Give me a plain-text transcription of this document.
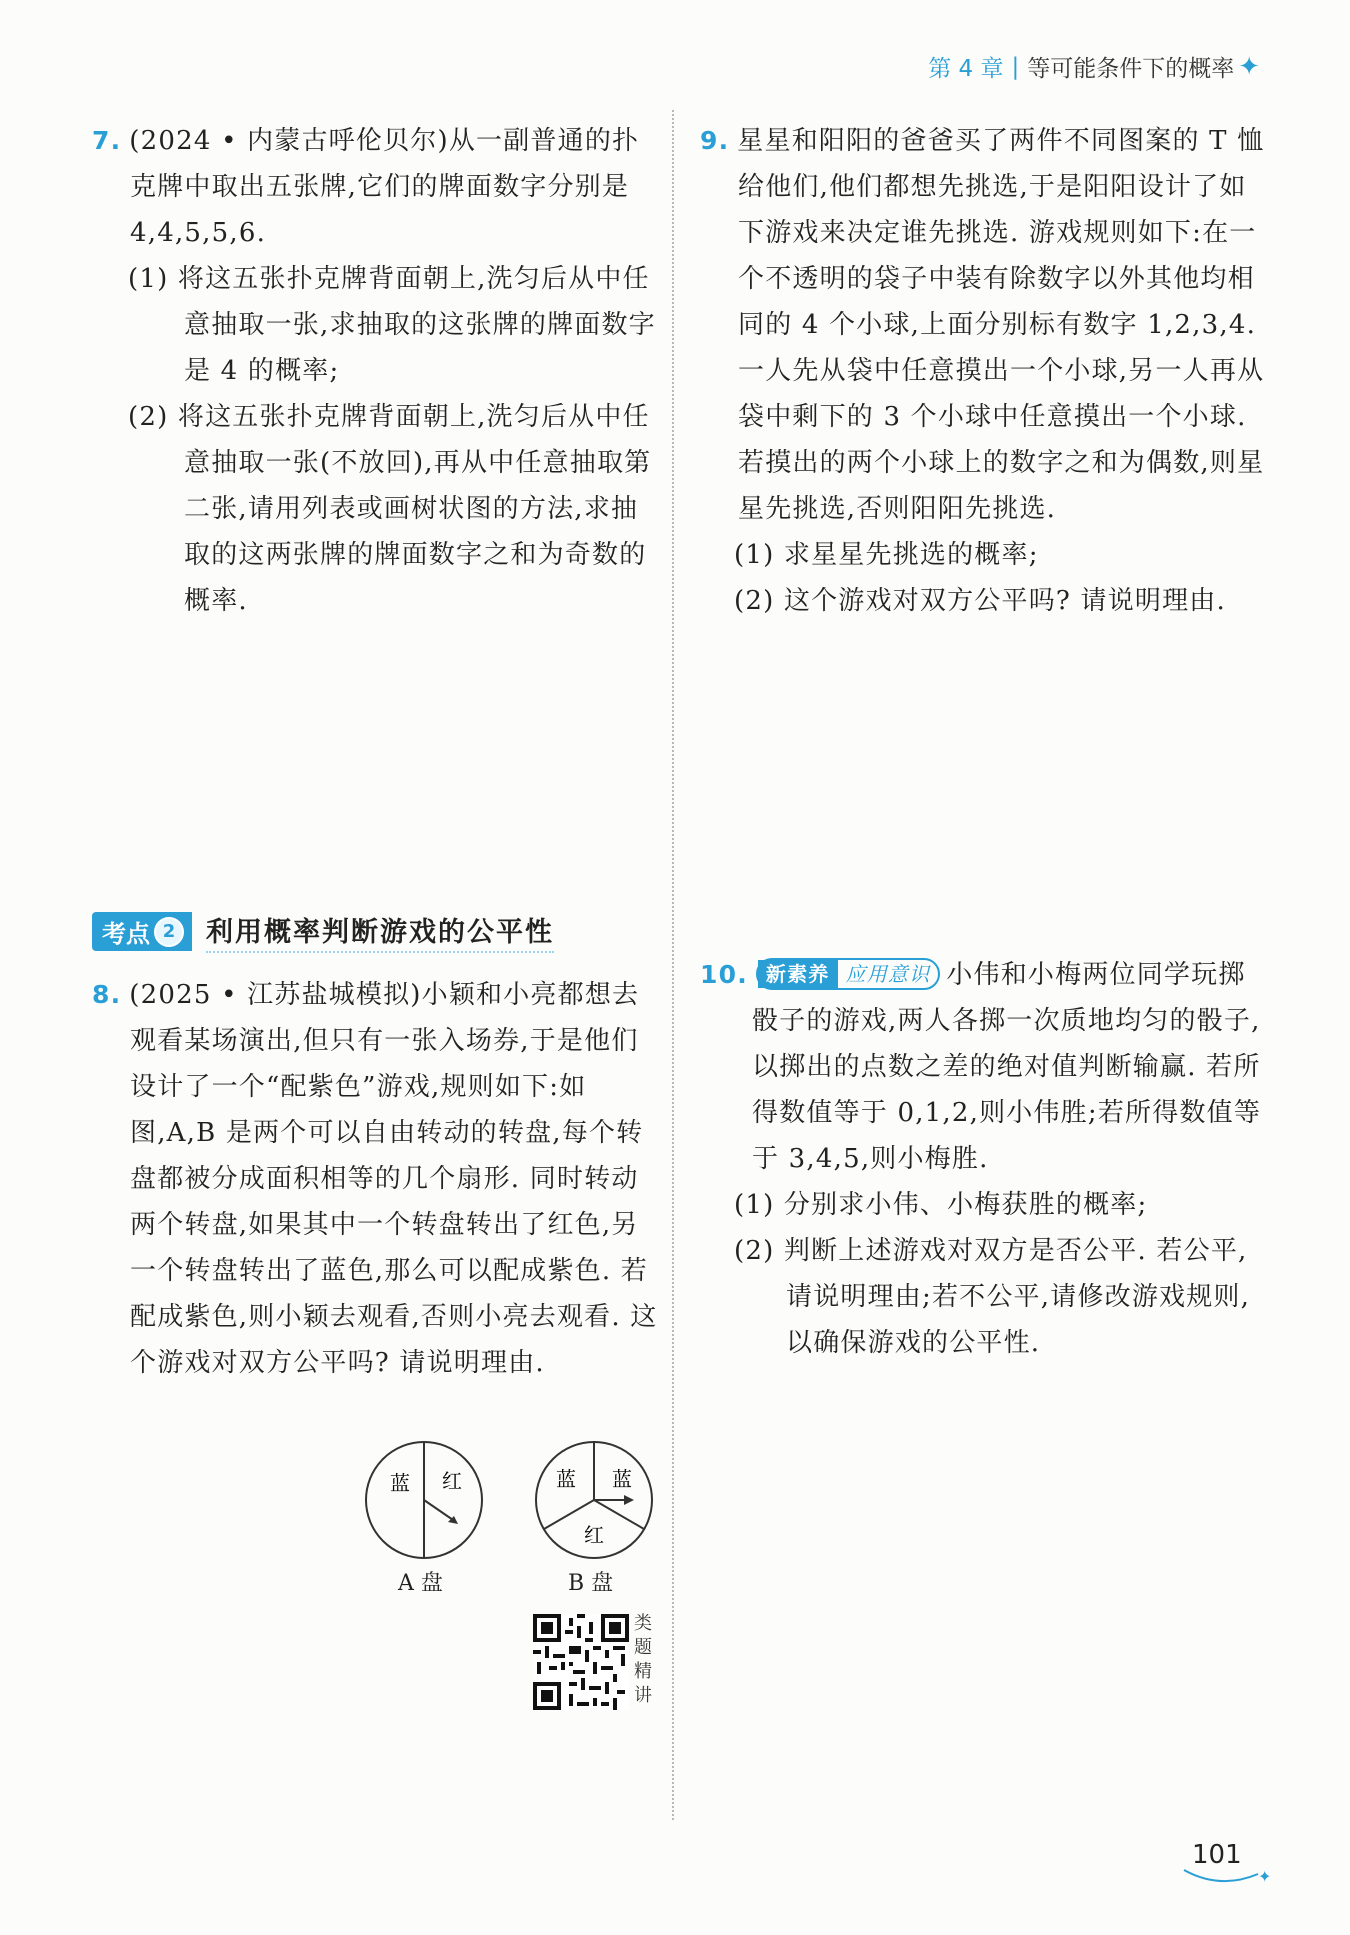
第 4 章 | 等可能条件下的概率 ✦

7. (2024 • 内蒙古呼伦贝尔)从一副普通的扑克牌中取出五张牌,它们的牌面数字分别是 4,4,5,5,6.

(1) 将这五张扑克牌背面朝上,洗匀后从中任意抽取一张,求抽取的这张牌的牌面数字是 4 的概率;

(2) 将这五张扑克牌背面朝上,洗匀后从中任意抽取一张(不放回),再从中任意抽取第二张,请用列表或画树状图的方法,求抽取的这两张牌的牌面数字之和为奇数的概率.

9. 星星和阳阳的爸爸买了两件不同图案的 T 恤给他们,他们都想先挑选,于是阳阳设计了如下游戏来决定谁先挑选. 游戏规则如下:在一个不透明的袋子中装有除数字以外其他均相同的 4 个小球,上面分别标有数字 1,2,3,4. 一人先从袋中任意摸出一个小球,另一人再从袋中剩下的 3 个小球中任意摸出一个小球. 若摸出的两个小球上的数字之和为偶数,则星星先挑选,否则阳阳先挑选.

(1) 求星星先挑选的概率;

(2) 这个游戏对双方公平吗? 请说明理由.

考点 2	利用概率判断游戏的公平性

8. (2025 • 江苏盐城模拟)小颖和小亮都想去观看某场演出,但只有一张入场券,于是他们设计了一个“配紫色”游戏,规则如下:如图,A,B 是两个可以自由转动的转盘,每个转盘都被分成面积相等的几个扇形. 同时转动两个转盘,如果其中一个转盘转出了红色,另一个转盘转出了蓝色,那么可以配成紫色. 若配成紫色,则小颖去观看,否则小亮去观看. 这个游戏对双方公平吗? 请说明理由.

10. 新素养 应用意识 小伟和小梅两位同学玩掷骰子的游戏,两人各掷一次质地均匀的骰子,以掷出的点数之差的绝对值判断输赢. 若所得数值等于 0,1,2,则小伟胜;若所得数值等于 3,4,5,则小梅胜.

(1) 分别求小伟、小梅获胜的概率;

(2) 判断上述游戏对双方是否公平. 若公平,请说明理由;若不公平,请修改游戏规则,以确保游戏的公平性.

蓝 红
A 盘
蓝 蓝
红
B 盘
类题精讲
101
✦
